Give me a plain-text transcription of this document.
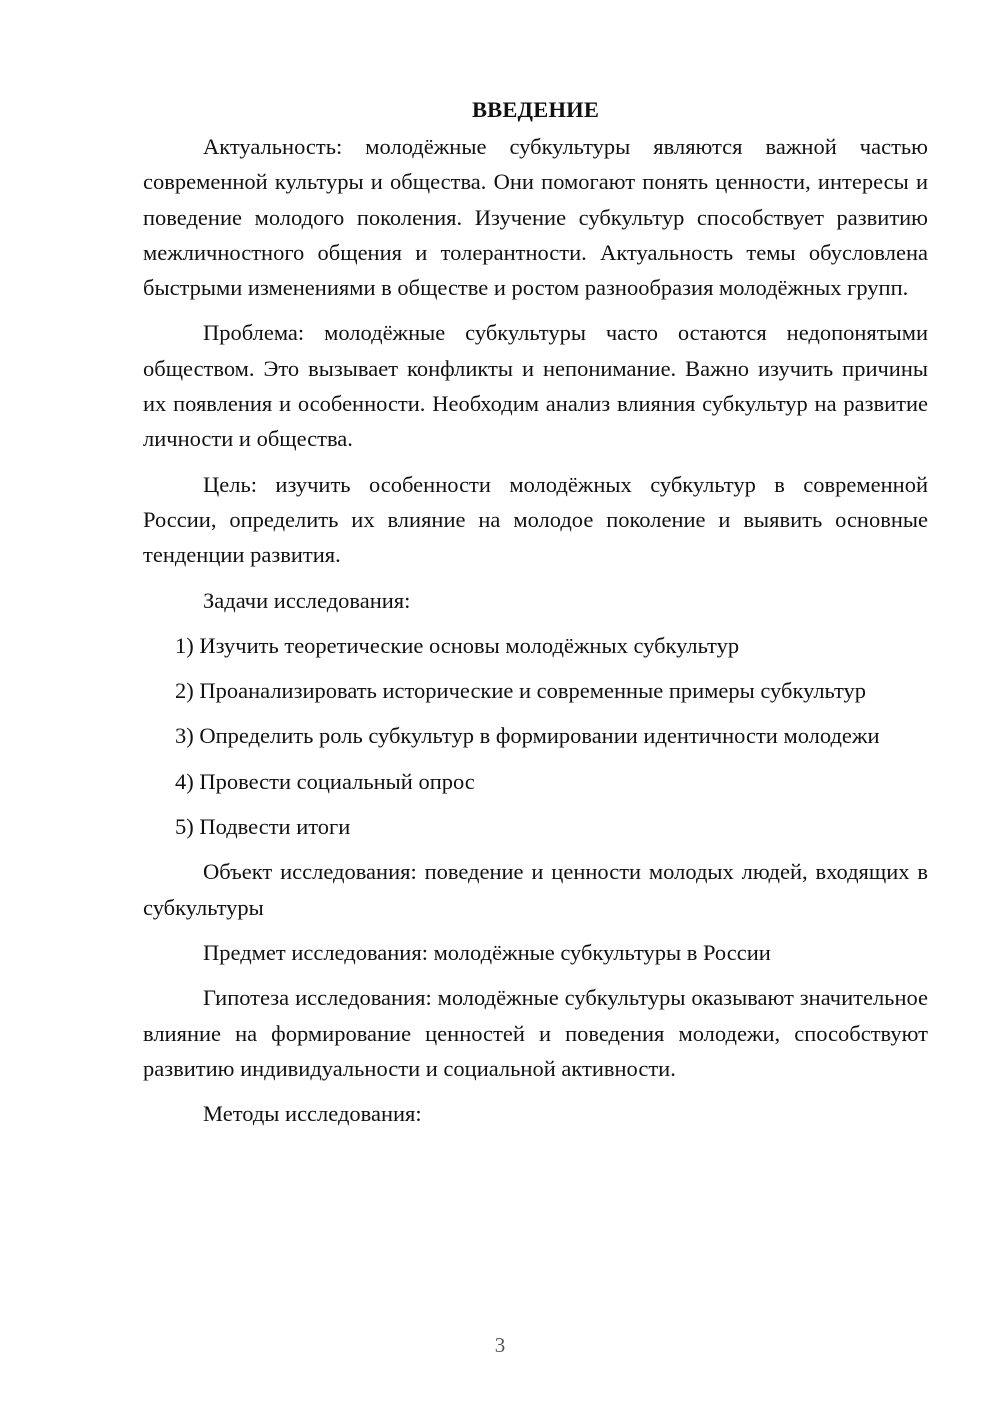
ВВЕДЕНИЕ

Актуальность: молодёжные субкультуры являются важной частью современной культуры и общества. Они помогают понять ценности, интересы и поведение молодого поколения. Изучение субкультур способствует развитию межличностного общения и толерантности. Актуальность темы обусловлена быстрыми изменениями в обществе и ростом разнообразия молодёжных групп.

Проблема: молодёжные субкультуры часто остаются недопонятыми обществом. Это вызывает конфликты и непонимание. Важно изучить причины их появления и особенности. Необходим анализ влияния субкультур на развитие личности и общества.

Цель: изучить особенности молодёжных субкультур в современной России, определить их влияние на молодое поколение и выявить основные тенденции развития.

Задачи исследования:

1) Изучить теоретические основы молодёжных субкультур

2) Проанализировать исторические и современные примеры субкультур

3) Определить роль субкультур в формировании идентичности молодежи

4) Провести социальный опрос

5) Подвести итоги

Объект исследования: поведение и ценности молодых людей, входящих в субкультуры

Предмет исследования: молодёжные субкультуры в России

Гипотеза исследования: молодёжные субкультуры оказывают значительное влияние на формирование ценностей и поведения молодежи, способствуют развитию индивидуальности и социальной активности.

Методы исследования:

3
